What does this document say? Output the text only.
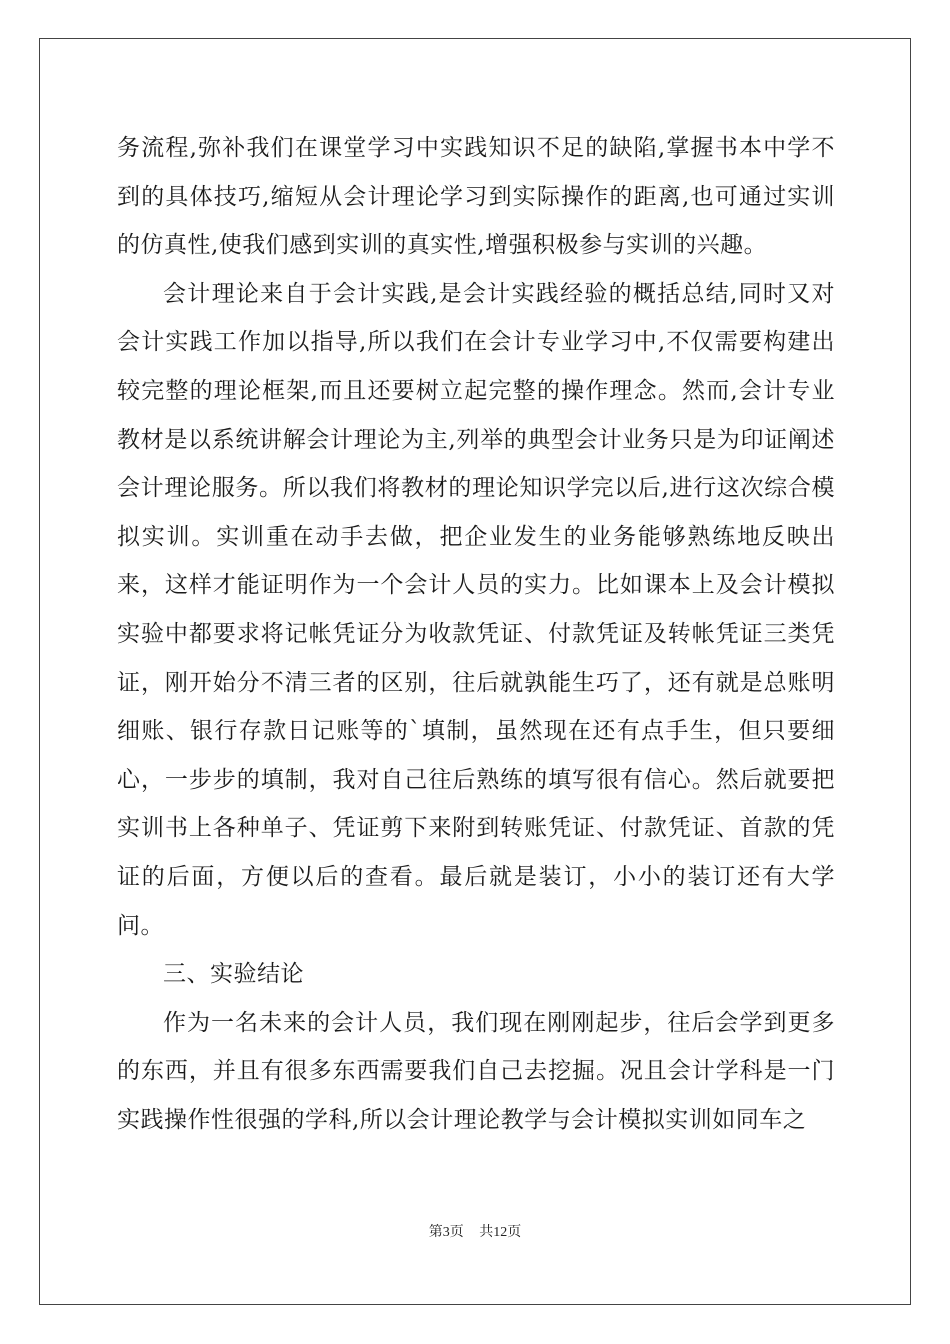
务流程,弥补我们在课堂学习中实践知识不足的缺陷,掌握书本中学不到的具体技巧,缩短从会计理论学习到实际操作的距离,也可通过实训的仿真性,使我们感到实训的真实性,增强积极参与实训的兴趣。

会计理论来自于会计实践,是会计实践经验的概括总结,同时又对会计实践工作加以指导,所以我们在会计专业学习中,不仅需要构建出较完整的理论框架,而且还要树立起完整的操作理念。然而,会计专业教材是以系统讲解会计理论为主,列举的典型会计业务只是为印证阐述会计理论服务。所以我们将教材的理论知识学完以后,进行这次综合模拟实训。实训重在动手去做，把企业发生的业务能够熟练地反映出来，这样才能证明作为一个会计人员的实力。比如课本上及会计模拟实验中都要求将记帐凭证分为收款凭证、付款凭证及转帐凭证三类凭证，刚开始分不清三者的区别，往后就孰能生巧了，还有就是总账明细账、银行存款日记账等的`填制，虽然现在还有点手生，但只要细心，一步步的填制，我对自己往后熟练的填写很有信心。然后就要把实训书上各种单子、凭证剪下来附到转账凭证、付款凭证、首款的凭证的后面，方便以后的查看。最后就是装订，小小的装订还有大学问。

三、实验结论

作为一名未来的会计人员，我们现在刚刚起步，往后会学到更多的东西，并且有很多东西需要我们自己去挖掘。况且会计学科是一门实践操作性很强的学科,所以会计理论教学与会计模拟实训如同车之

第3页 共12页
